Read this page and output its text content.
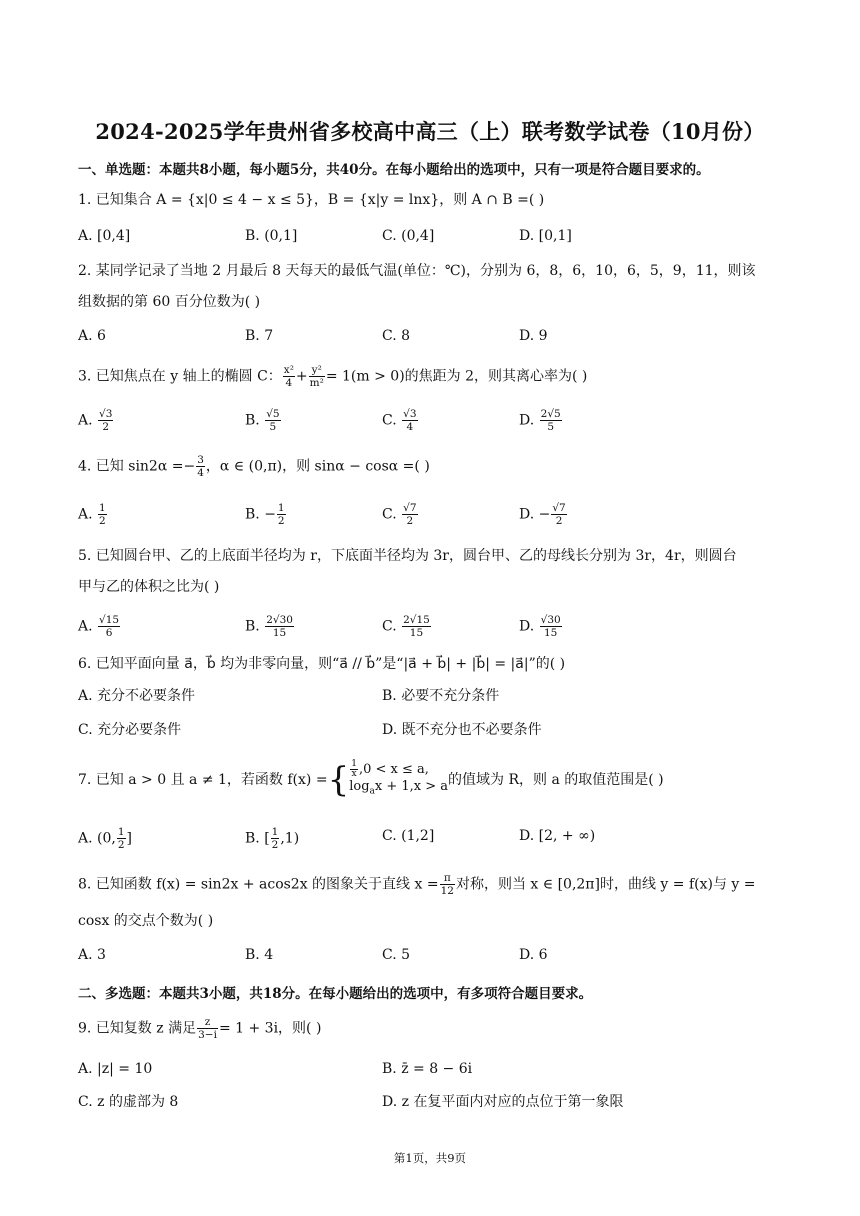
2024-2025学年贵州省多校高中高三（上）联考数学试卷（10月份）
一、单选题：本题共8小题，每小题5分，共40分。在每小题给出的选项中，只有一项是符合题目要求的。
1. 已知集合 A = {x|0 ≤ 4 − x ≤ 5}，B = {x|y = lnx}，则 A ∩ B =( )
A. [0,4]	B. (0,1]	C. (0,4]	D. [0,1]
2. 某同学记录了当地 2 月最后 8 天每天的最低气温(单位：℃)，分别为 6，8，6，10，6，5，9，11，则该
组数据的第 60 百分位数为( )
A. 6	B. 7	C. 8	D. 9
3. 已知焦点在 y 轴上的椭圆 C： $\frac{\text{x²}}{4} + \frac{\text{y²}}{\text{m²}} = 1(m > 0)$的焦距为 2，则其离心率为( )
A. $\frac{√3}{2}$	B. $\frac{√5}{5}$	C. $\frac{√3}{4}$	D. $\frac{2√5}{5}$
4. 已知 $\sin 2\alpha =- \frac{3}{4}$ ，α ∈ (0,π)，则 sinα − cosα =( )
A. $\frac{1}{2}$	B. − $\frac{1}{2}$	C. $\frac{√7}{2}$	D. − $\frac{√7}{2}$
5. 已知圆台甲、乙的上底面半径均为 r，下底面半径均为 3r，圆台甲、乙的母线长分别为 3r，4r，则圆台
甲与乙的体积之比为( )
A. $\frac{√15}{6}$	B. $\frac{2√30}{15}$	C. $\frac{2√15}{15}$	D. $\frac{√30}{15}$
6. 已知平面向量 a⃗，b⃗ 均为非零向量，则“a⃗ // b⃗”是“|a⃗ + b⃗| + |b⃗| = |a⃗|”的( )
A. 充分不必要条件	B. 必要不充分条件
C. 充分必要条件	D. 既不充分也不必要条件
7. 已知 a > 0 且 a ≠ 1，若函数 f(x) ={ $\frac{1}{x} ,0 < x \le a$,
$\log_ax + 1,x > a$ 的值域为 R，则 a 的取值范围是( )
A. (0, $\frac{1}{2}$ ]	B. [ $\frac{1}{2} ,1$)	C. (1,2]	D. [2, + ∞)
8. 已知函数 f(x) = sin2x + acos2x 的图象关于直线 $x = \frac{\pi}{12}$ 对称，则当 x ∈ [0,2π]时，曲线 y = f(x)与 y =
cosx 的交点个数为( )
A. 3	B. 4	C. 5	D. 6
二、多选题：本题共3小题，共18分。在每小题给出的选项中，有多项符合题目要求。
9. 已知复数 z 满足 $\frac{z}{3-i} = 1 + 3i$，则( )
A. |z| = 10	B. z̄ = 8 − 6i
C. z 的虚部为 8	D. z 在复平面内对应的点位于第一象限
第1页，共9页
